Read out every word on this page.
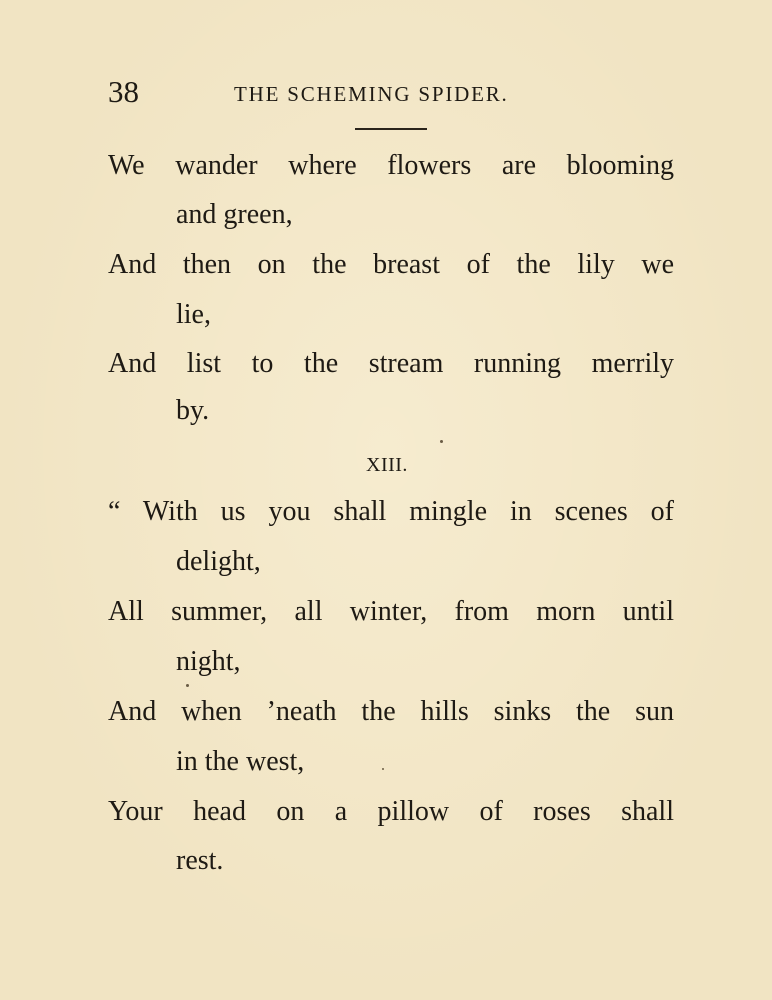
38	THE SCHEMING SPIDER.
We wander where flowers are blooming
and green,
And then on the breast of the lily we
lie,
And list to the stream running merrily
by.
XIII.
“ With us you shall mingle in scenes of
delight,
All summer, all winter, from morn until
night,
And when ’neath the hills sinks the sun
in the west,
Your head on a pillow of roses shall
rest.
